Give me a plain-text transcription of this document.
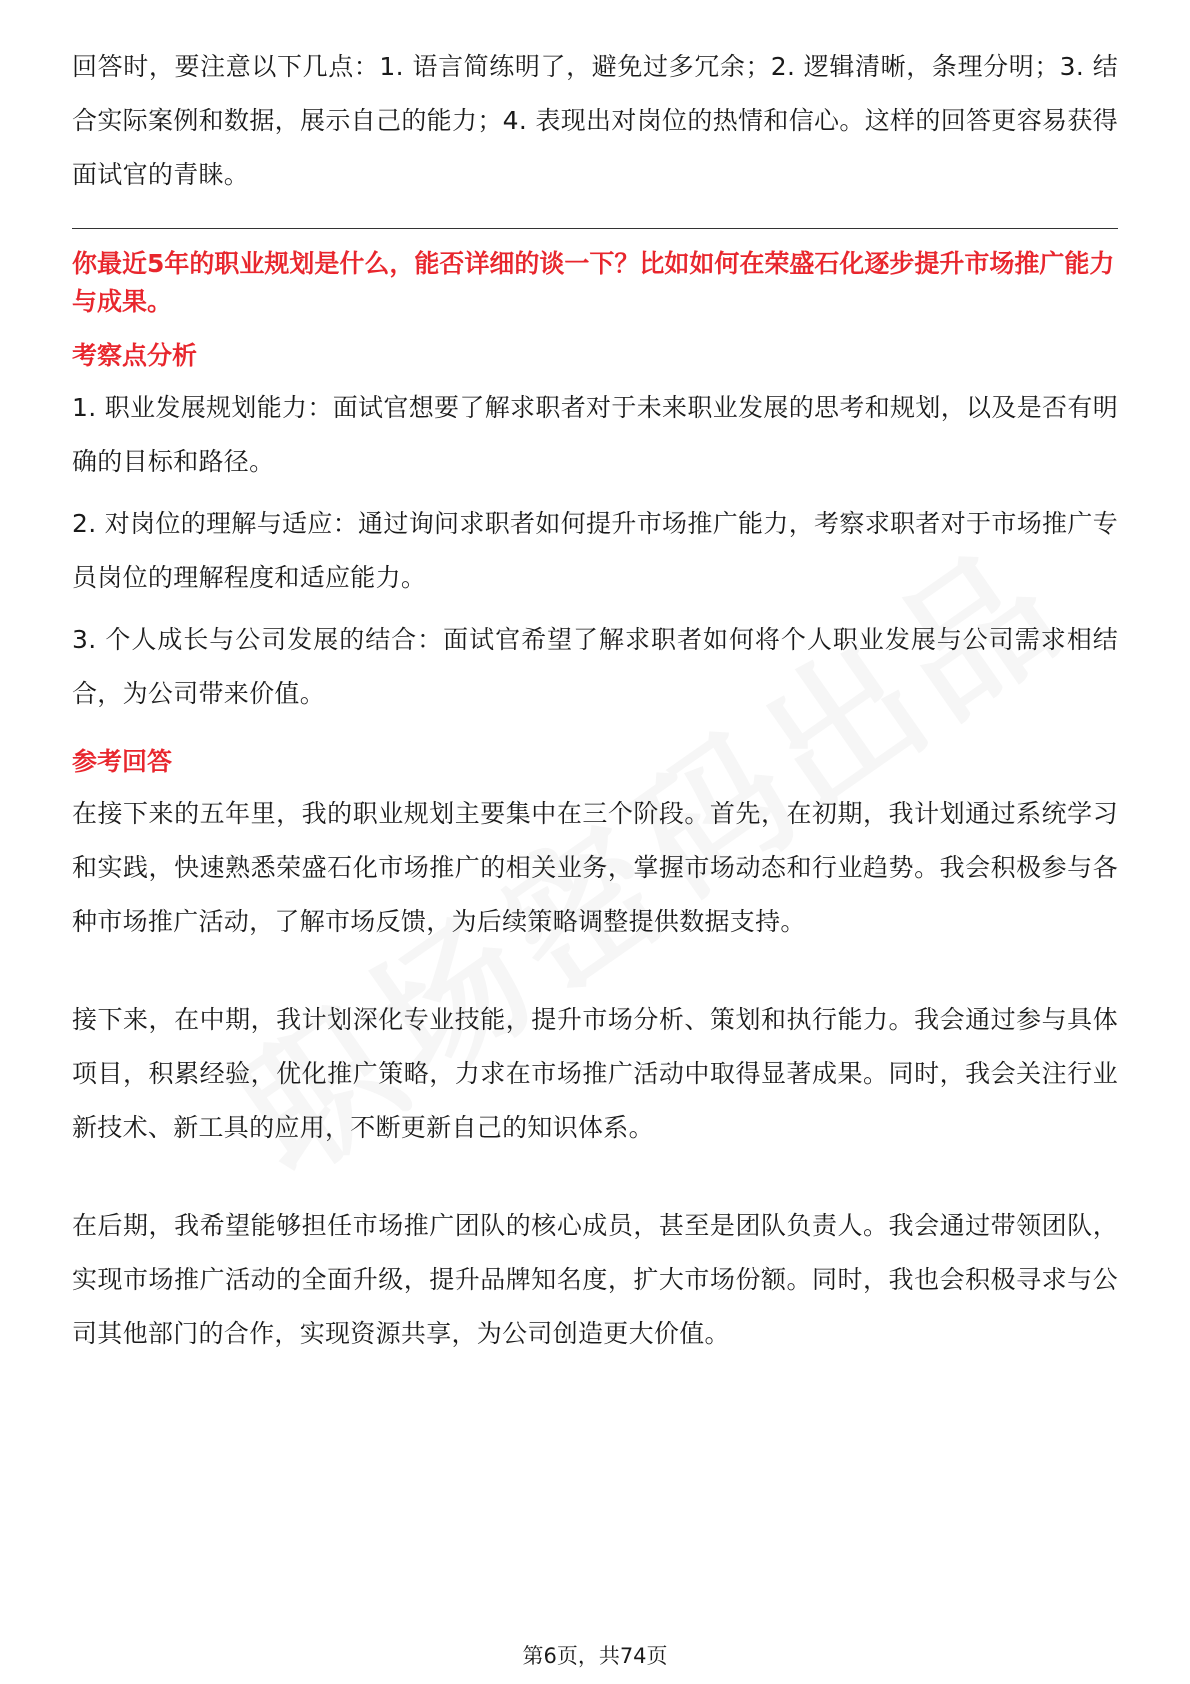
回答时，要注意以下几点：1. 语言简练明了，避免过多冗余；2. 逻辑清晰，条理分明；3. 结合实际案例和数据，展示自己的能力；4. 表现出对岗位的热情和信心。这样的回答更容易获得面试官的青睐。

你最近5年的职业规划是什么，能否详细的谈一下？比如如何在荣盛石化逐步提升市场推广能力与成果。

考察点分析

1. 职业发展规划能力：面试官想要了解求职者对于未来职业发展的思考和规划，以及是否有明确的目标和路径。

2. 对岗位的理解与适应：通过询问求职者如何提升市场推广能力，考察求职者对于市场推广专员岗位的理解程度和适应能力。

3. 个人成长与公司发展的结合：面试官希望了解求职者如何将个人职业发展与公司需求相结合，为公司带来价值。

参考回答

在接下来的五年里，我的职业规划主要集中在三个阶段。首先，在初期，我计划通过系统学习和实践，快速熟悉荣盛石化市场推广的相关业务，掌握市场动态和行业趋势。我会积极参与各种市场推广活动，了解市场反馈，为后续策略调整提供数据支持。

接下来，在中期，我计划深化专业技能，提升市场分析、策划和执行能力。我会通过参与具体项目，积累经验，优化推广策略，力求在市场推广活动中取得显著成果。同时，我会关注行业新技术、新工具的应用，不断更新自己的知识体系。

在后期，我希望能够担任市场推广团队的核心成员，甚至是团队负责人。我会通过带领团队，实现市场推广活动的全面升级，提升品牌知名度，扩大市场份额。同时，我也会积极寻求与公司其他部门的合作，实现资源共享，为公司创造更大价值。

第6页，共74页
